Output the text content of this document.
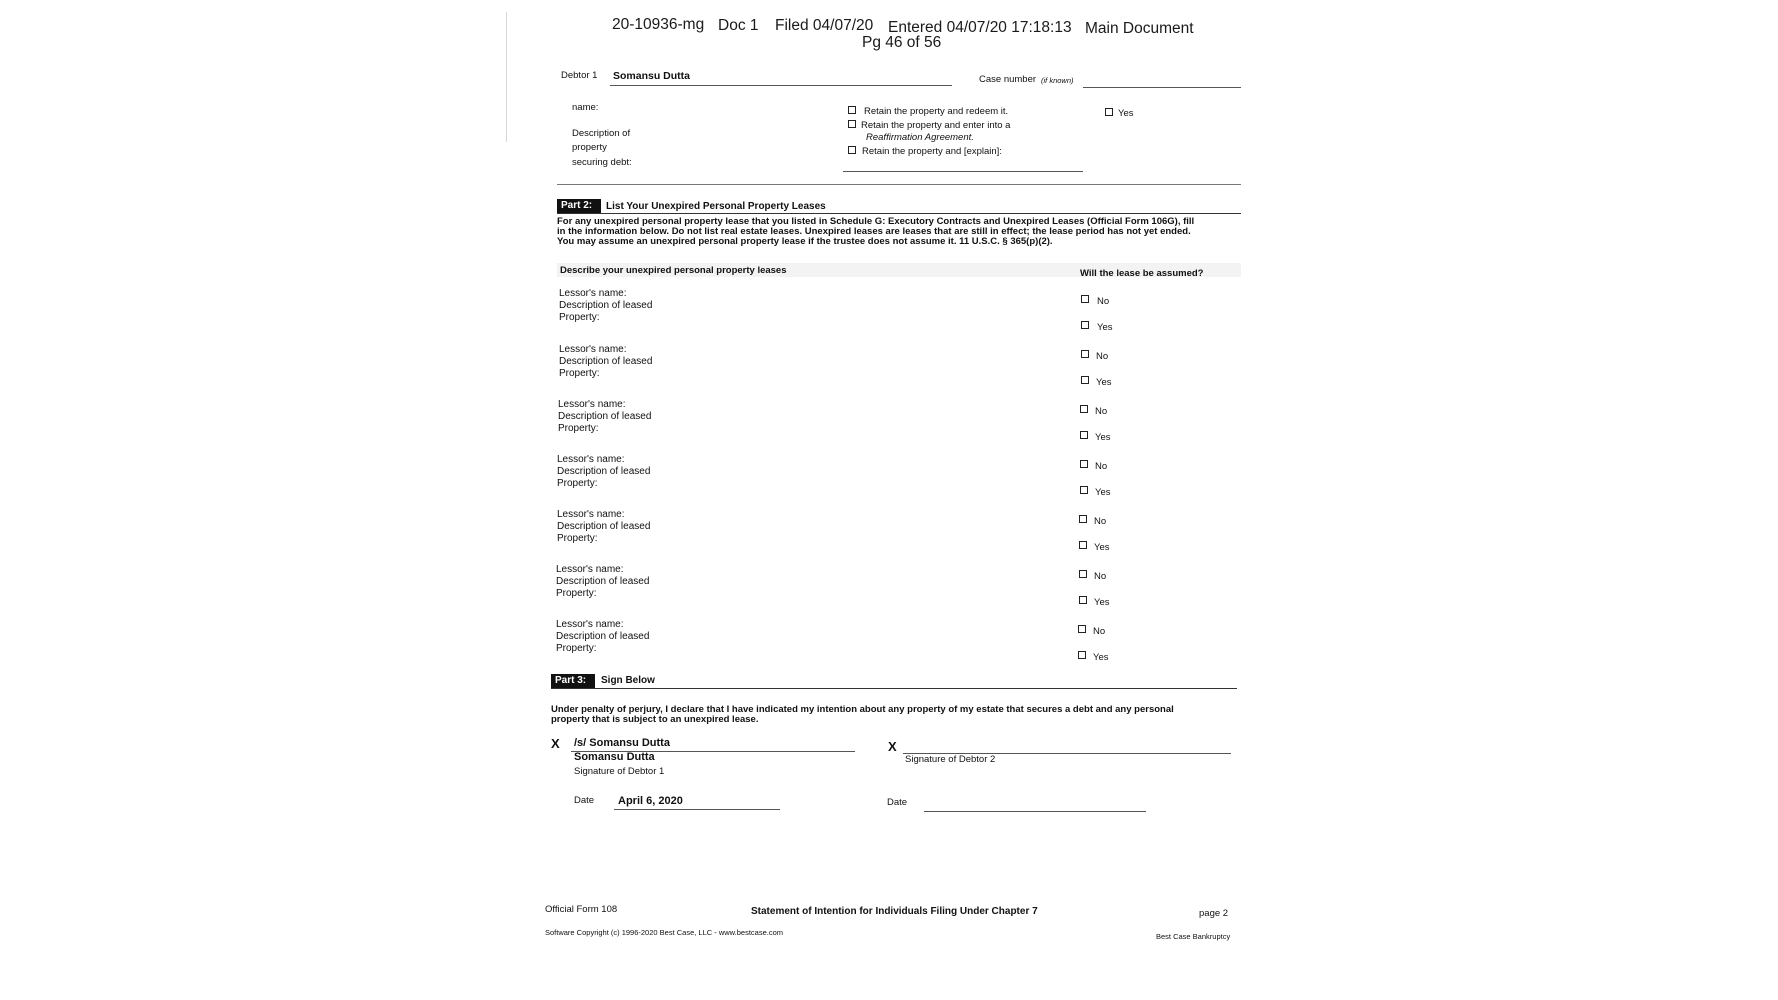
20-10936-mg Doc 1 Filed 04/07/20 Entered 04/07/20 17:18:13 Main Document
Pg 46 of 56
Debtor 1 Somansu Dutta	Case number (if known)
name:
Description of
property
securing debt:
Retain the property and redeem it.
Retain the property and enter into a
Reaffirmation Agreement.
Retain the property and [explain]:
Yes
Part 2:	List Your Unexpired Personal Property Leases
For any unexpired personal property lease that you listed in Schedule G: Executory Contracts and Unexpired Leases (Official Form 106G), fill
in the information below. Do not list real estate leases. Unexpired leases are leases that are still in effect; the lease period has not yet ended.
You may assume an unexpired personal property lease if the trustee does not assume it. 11 U.S.C. § 365(p)(2).
Describe your unexpired personal property leases	Will the lease be assumed?
Lessor's name:
Description of leased
Property:
No
Yes
Lessor's name:
Description of leased
Property:
No
Yes
Lessor's name:
Description of leased
Property:
No
Yes
Lessor's name:
Description of leased
Property:
No
Yes
Lessor's name:
Description of leased
Property:
No
Yes
Lessor's name:
Description of leased
Property:
No
Yes
Lessor's name:
Description of leased
Property:
No
Yes
Part 3:	Sign Below
Under penalty of perjury, I declare that I have indicated my intention about any property of my estate that secures a debt and any personal
property that is subject to an unexpired lease.
X /s/ Somansu Dutta
Somansu Dutta
Signature of Debtor 1
X
Signature of Debtor 2
Date April 6, 2020	Date
Official Form 108	Statement of Intention for Individuals Filing Under Chapter 7	page 2
Software Copyright (c) 1996-2020 Best Case, LLC - www.bestcase.com	Best Case Bankruptcy
